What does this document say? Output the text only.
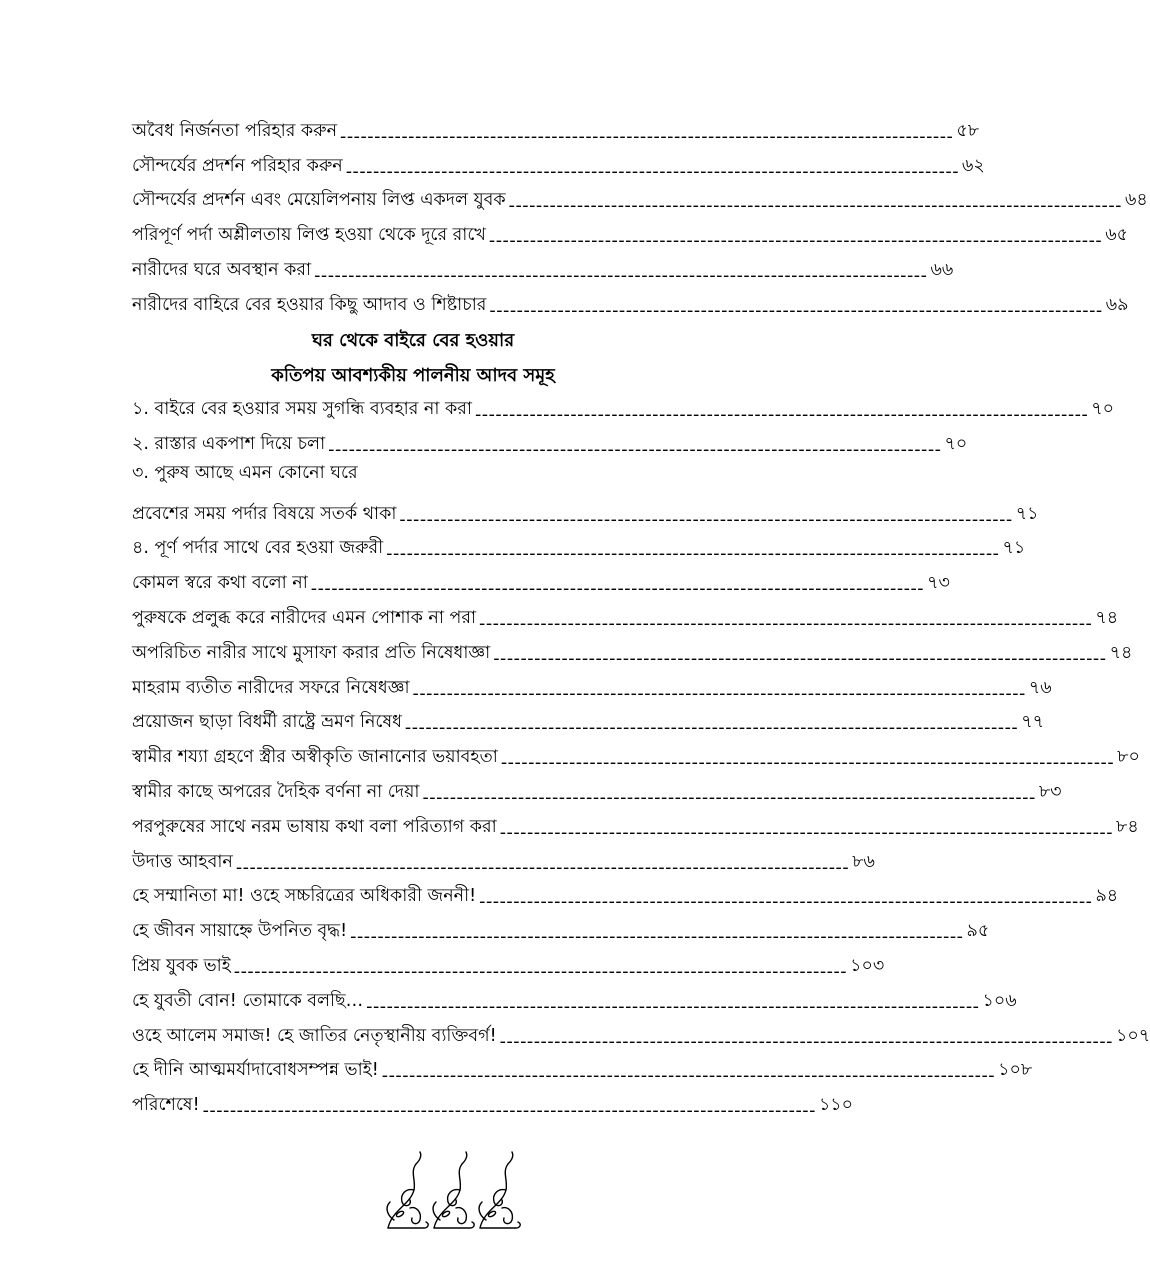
অবৈধ নির্জনতা পরিহার করুন ------------------------------------------------------------------------------------------ ৫৮
সৌন্দর্যের প্রদর্শন পরিহার করুন ------------------------------------------------------------------------------------------ ৬২
সৌন্দর্যের প্রদর্শন এবং মেয়েলিপনায় লিপ্ত একদল যুবক ------------------------------------------------------------------------------------------ ৬৪
পরিপূর্ণ পর্দা অশ্লীলতায় লিপ্ত হওয়া থেকে দূরে রাখে ------------------------------------------------------------------------------------------ ৬৫
নারীদের ঘরে অবস্থান করা ------------------------------------------------------------------------------------------ ৬৬
নারীদের বাহিরে বের হওয়ার কিছু আদাব ও শিষ্টাচার ------------------------------------------------------------------------------------------ ৬৯
ঘর থেকে বাইরে বের হওয়ার
কতিপয় আবশ্যকীয় পালনীয় আদব সমূহ
১. বাইরে বের হওয়ার সময় সুগন্ধি ব্যবহার না করা ------------------------------------------------------------------------------------------ ৭০
২. রাস্তার একপাশ দিয়ে চলা ------------------------------------------------------------------------------------------ ৭০
৩. পুরুষ আছে এমন কোনো ঘরে
প্রবেশের সময় পর্দার বিষয়ে সতর্ক থাকা ------------------------------------------------------------------------------------------ ৭১
৪. পূর্ণ পর্দার সাথে বের হওয়া জরুরী ------------------------------------------------------------------------------------------ ৭১
কোমল স্বরে কথা বলো না ------------------------------------------------------------------------------------------ ৭৩
পুরুষকে প্রলুব্ধ করে নারীদের এমন পোশাক না পরা ------------------------------------------------------------------------------------------ ৭৪
অপরিচিত নারীর সাথে মুসাফা করার প্রতি নিষেধাজ্ঞা ------------------------------------------------------------------------------------------ ৭৪
মাহরাম ব্যতীত নারীদের সফরে নিষেধজ্ঞা ------------------------------------------------------------------------------------------ ৭৬
প্রয়োজন ছাড়া বিধর্মী রাষ্ট্রে ভ্রমণ নিষেধ ------------------------------------------------------------------------------------------ ৭৭
স্বামীর শয্যা গ্রহণে স্ত্রীর অস্বীকৃতি জানানোর ভয়াবহতা ------------------------------------------------------------------------------------------ ৮০
স্বামীর কাছে অপরের দৈহিক বর্ণনা না দেয়া ------------------------------------------------------------------------------------------ ৮৩
পরপুরুষের সাথে নরম ভাষায় কথা বলা পরিত্যাগ করা ------------------------------------------------------------------------------------------ ৮৪
উদাত্ত আহবান ------------------------------------------------------------------------------------------ ৮৬
হে সম্মানিতা মা! ওহে সচ্চরিত্রের অধিকারী জননী! ------------------------------------------------------------------------------------------ ৯৪
হে জীবন সায়াহ্নে উপনিত বৃদ্ধ! ------------------------------------------------------------------------------------------ ৯৫
প্রিয় যুবক ভাই ------------------------------------------------------------------------------------------ ১০৩
হে যুবতী বোন! তোমাকে বলছি… ------------------------------------------------------------------------------------------ ১০৬
ওহে আলেম সমাজ! হে জাতির নেতৃস্থানীয় ব্যক্তিবর্গ! ------------------------------------------------------------------------------------------ ১০৭
হে দীনি আত্মমর্যাদাবোধসম্পন্ন ভাই! ------------------------------------------------------------------------------------------ ১০৮
পরিশেষে! ------------------------------------------------------------------------------------------ ১১০
